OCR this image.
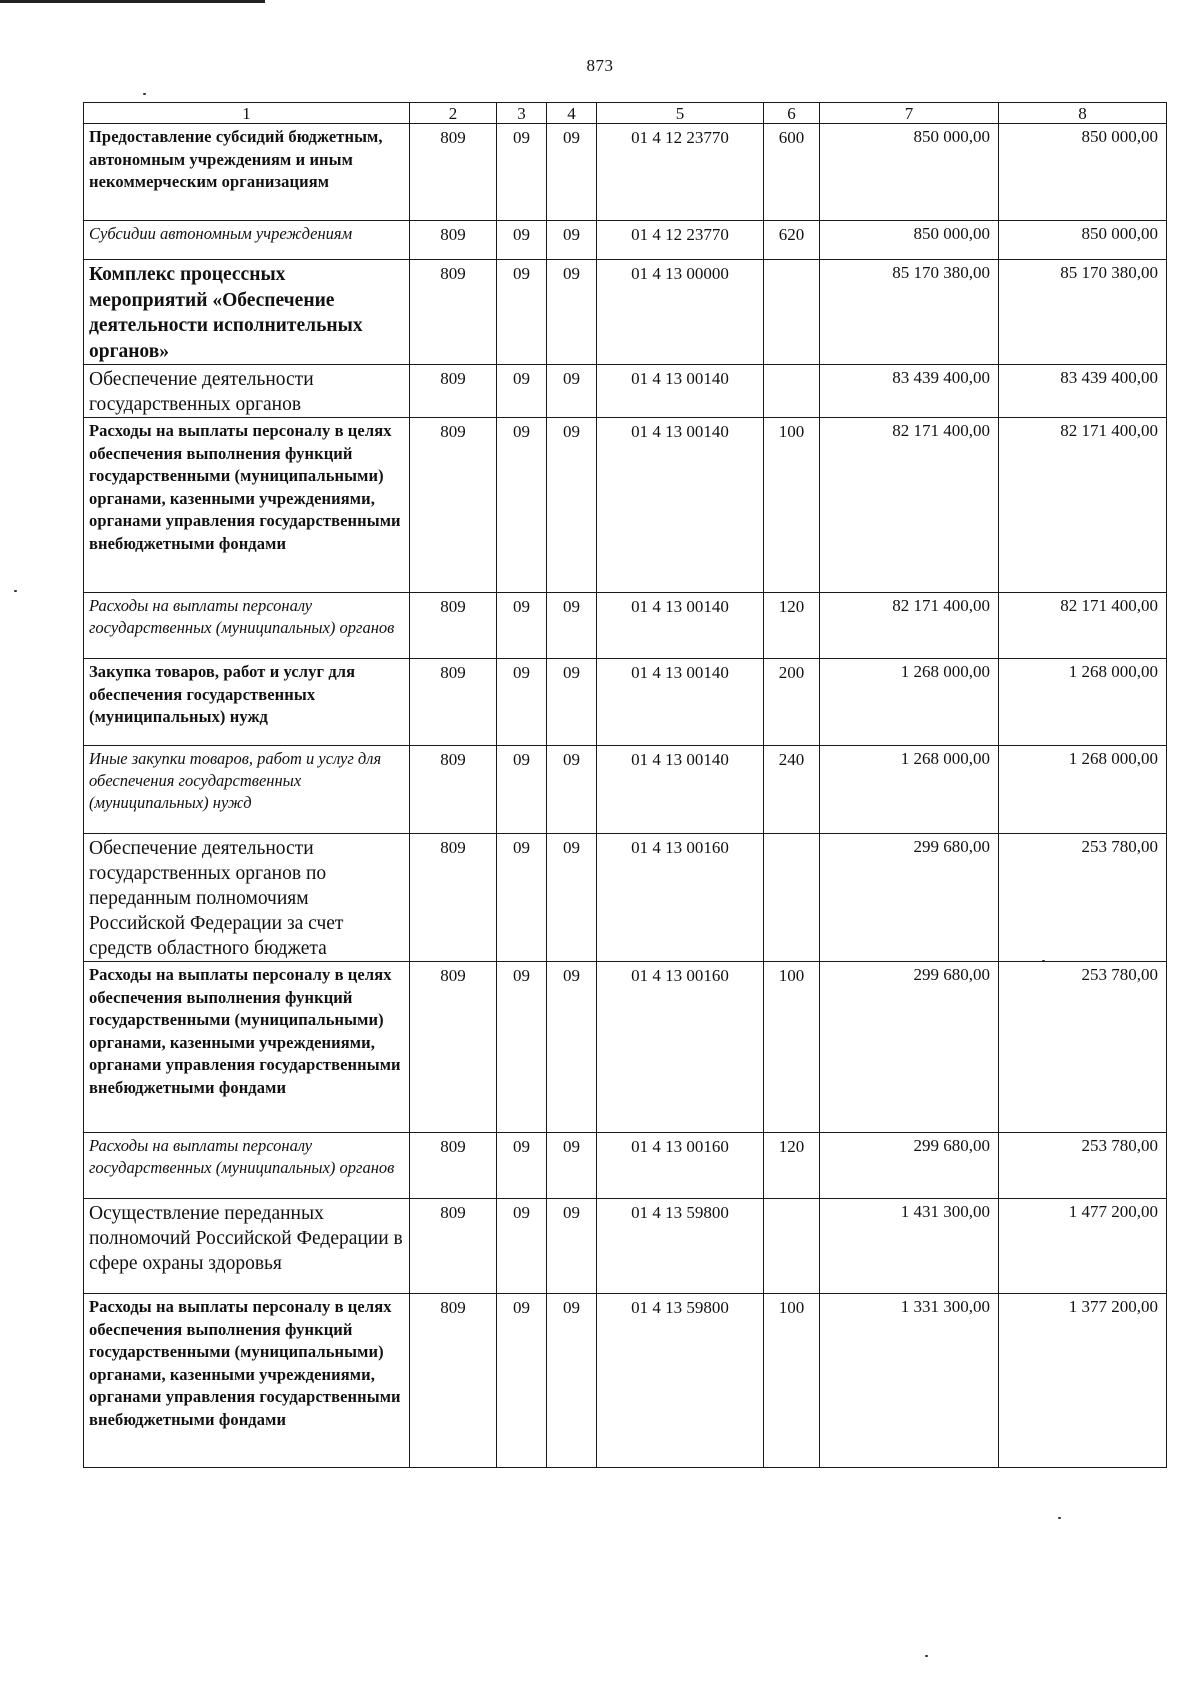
873
1	2	3	4	5	6	7	8

Предоставление субсидий бюджетным, автономным учреждениям и иным некоммерческим организациям	809	09	09	01 4 12 23770	600	850 000,00	850 000,00

Субсидии автономным учреждениям	809	09	09	01 4 12 23770	620	850 000,00	850 000,00

Комплекс процессных мероприятий «Обеспечение деятельности исполнительных органов»	809	09	09	01 4 13 00000		85 170 380,00	85 170 380,00

Обеспечение деятельности государственных органов	809	09	09	01 4 13 00140		83 439 400,00	83 439 400,00

Расходы на выплаты персоналу в целях обеспечения выполнения функций государственными (муниципальными) органами, казенными учреждениями, органами управления государственными внебюджетными фондами	809	09	09	01 4 13 00140	100	82 171 400,00	82 171 400,00

Расходы на выплаты персоналу государственных (муниципальных) органов	809	09	09	01 4 13 00140	120	82 171 400,00	82 171 400,00

Закупка товаров, работ и услуг для обеспечения государственных (муниципальных) нужд	809	09	09	01 4 13 00140	200	1 268 000,00	1 268 000,00

Иные закупки товаров, работ и услуг для обеспечения государственных (муниципальных) нужд	809	09	09	01 4 13 00140	240	1 268 000,00	1 268 000,00

Обеспечение деятельности государственных органов по переданным полномочиям Российской Федерации за счет средств областного бюджета	809	09	09	01 4 13 00160		299 680,00	253 780,00

Расходы на выплаты персоналу в целях обеспечения выполнения функций государственными (муниципальными) органами, казенными учреждениями, органами управления государственными внебюджетными фондами	809	09	09	01 4 13 00160	100	299 680,00	253 780,00

Расходы на выплаты персоналу государственных (муниципальных) органов	809	09	09	01 4 13 00160	120	299 680,00	253 780,00

Осуществление переданных полномочий Российской Федерации в сфере охраны здоровья	809	09	09	01 4 13 59800		1 431 300,00	1 477 200,00

Расходы на выплаты персоналу в целях обеспечения выполнения функций государственными (муниципальными) органами, казенными учреждениями, органами управления государственными внебюджетными фондами	809	09	09	01 4 13 59800	100	1 331 300,00	1 377 200,00
